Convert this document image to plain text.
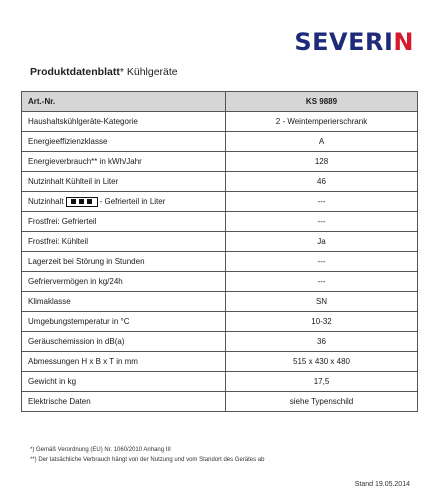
SEVERIN
Produktdatenblatt* Kühlgeräte
Art.-Nr.	KS 9889
Haushaltskühlgeräte-Kategorie	2 - Weintemperierschrank
Energieeffizienzklasse	A
Energieverbrauch** in kWh/Jahr	128
Nutzinhalt Kühlteil in Liter	46
Nutzinhalt - Gefrierteil in Liter	---
Frostfrei: Gefrierteil	---
Frostfrei: Kühlteil	Ja
Lagerzeit bei Störung in Stunden	---
Gefriervermögen in kg/24h	---
Klimaklasse	SN
Umgebungstemperatur in °C	10-32
Geräuschemission in dB(a)	36
Abmessungen H x B x T in mm	515 x 430 x 480
Gewicht in kg	17,5
Elektrische Daten	siehe Typenschild
*) Gemäß Verordnung (EU) Nr. 1060/2010 Anhang III
**) Der tatsächliche Verbrauch hängt von der Nutzung und vom Standort des Gerätes ab
Stand 19.05.2014
